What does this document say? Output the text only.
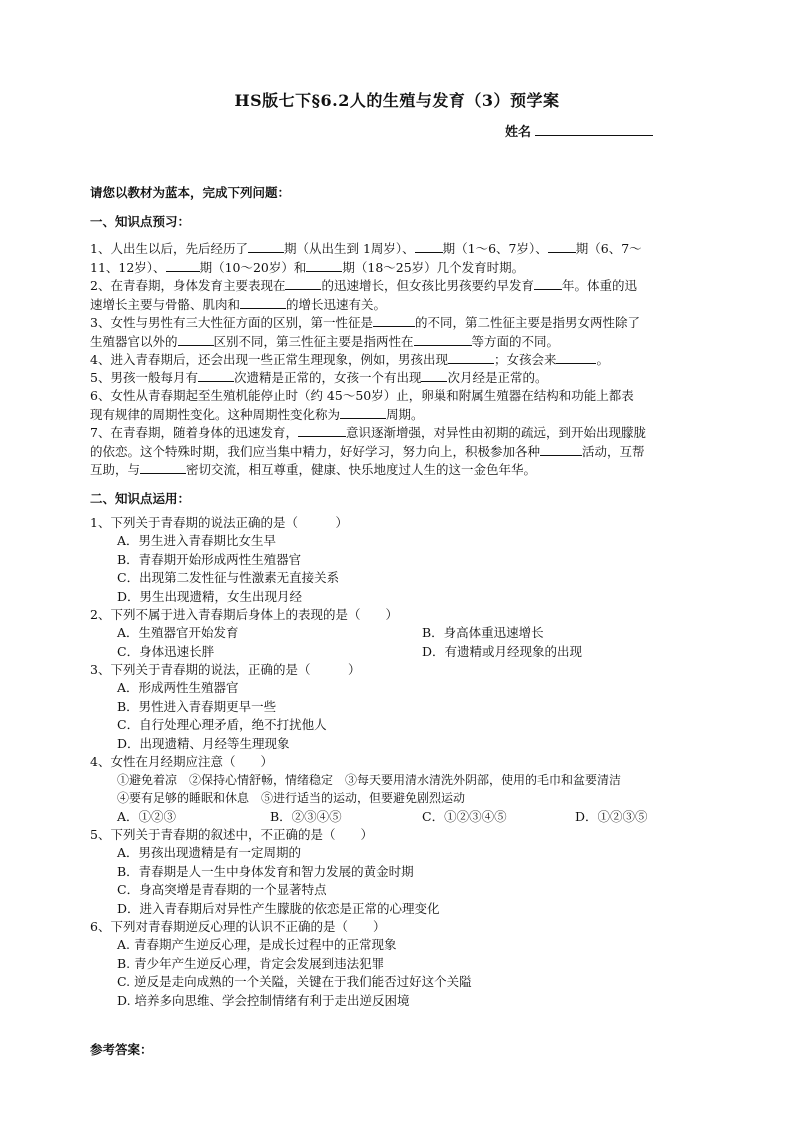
HS版七下§6.2人的生殖与发育（3）预学案
姓名
请您以教材为蓝本，完成下列问题：
一、知识点预习：
1、人出生以后，先后经历了	期（从出生到 1周岁）、 期（1～6、7岁）、 期（6、7～
11、12岁）、	期（10～20岁）和	期（18～25岁）几个发育时期。
2、在青春期，身体发育主要表现在	的迅速增长，但女孩比男孩要约早发育 年。体重的迅
速增长主要与骨骼、肌肉和	的增长迅速有关。
3、女性与男性有三大性征方面的区别，第一性征是	的不同，第二性征主要是指男女两性除了
生殖器官以外的	区别不同，第三性征主要是指两性在	等方面的不同。
4、进入青春期后，还会出现一些正常生理现象，例如，男孩出现	；女孩会来	。
5、男孩一般每月有	次遗精是正常的，女孩一个有出现 次月经是正常的。
6、女性从青春期起至生殖机能停止时（约 45～50岁）止，卵巢和附属生殖器在结构和功能上都表
现有规律的周期性变化。这种周期性变化称为	周期。
7、在青春期，随着身体的迅速发育，	意识逐渐增强，对异性由初期的疏远，到开始出现朦胧
的依恋。这个特殊时期，我们应当集中精力，好好学习，努力向上，积极参加各种	活动，互帮
互助，与	密切交流，相互尊重，健康、快乐地度过人生的这一金色年华。
二、知识点运用：
1、下列关于青春期的说法正确的是（　　　）
A．男生进入青春期比女生早
B．青春期开始形成两性生殖器官
C．出现第二发性征与性激素无直接关系
D．男生出现遗精，女生出现月经
2、下列不属于进入青春期后身体上的表现的是（　　）
A．生殖器官开始发育	B．身高体重迅速增长
C．身体迅速长胖	D．有遗精或月经现象的出现
3、下列关于青春期的说法，正确的是（　　　）
A．形成两性生殖器官
B．男性进入青春期更早一些
C．自行处理心理矛盾，绝不打扰他人
D．出现遗精、月经等生理现象
4、女性在月经期应注意（　　）
①避免着凉　②保持心情舒畅，情绪稳定　③每天要用清水清洗外阴部，使用的毛巾和盆要清洁
④要有足够的睡眠和休息　⑤进行适当的运动，但要避免剧烈运动
A．①②③	B．②③④⑤	C．①②③④⑤	D．①②③⑤
5、下列关于青春期的叙述中，不正确的是（　　）
A．男孩出现遗精是有一定周期的
B．青春期是人一生中身体发育和智力发展的黄金时期
C．身高突增是青春期的一个显著特点
D．进入青春期后对异性产生朦胧的依恋是正常的心理变化
6、下列对青春期逆反心理的认识不正确的是（　　）
A. 青春期产生逆反心理，是成长过程中的正常现象
B. 青少年产生逆反心理，肯定会发展到违法犯罪
C. 逆反是走向成熟的一个关隘，关键在于我们能否过好这个关隘
D. 培养多向思维、学会控制情绪有利于走出逆反困境
参考答案：
